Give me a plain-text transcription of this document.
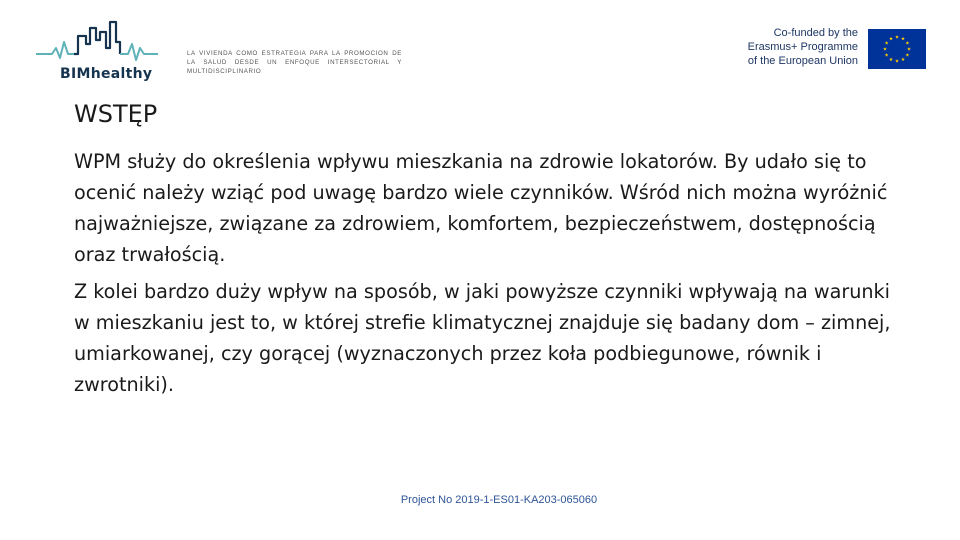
BIMhealthy
LA VIVIENDA COMO ESTRATEGIA PARA LA PROMOCION DE LA SALUD DESDE UN ENFOQUE INTERSECTORIAL Y MULTIDISCIPLINARIO
Co-funded by the
Erasmus+ Programme
of the European Union
WSTĘP

WPM służy do określenia wpływu mieszkania na zdrowie lokatorów. By udało się to ocenić należy wziąć pod uwagę bardzo wiele czynników. Wśród nich można wyróżnić najważniejsze, związane za zdrowiem, komfortem, bezpieczeństwem, dostępnością oraz trwałością.

Z kolei bardzo duży wpływ na sposób, w jaki powyższe czynniki wpływają na warunki w mieszkaniu jest to, w której strefie klimatycznej znajduje się badany dom – zimnej, umiarkowanej, czy gorącej (wyznaczonych przez koła podbiegunowe, równik i zwrotniki).

Project No 2019-1-ES01-KA203-065060
